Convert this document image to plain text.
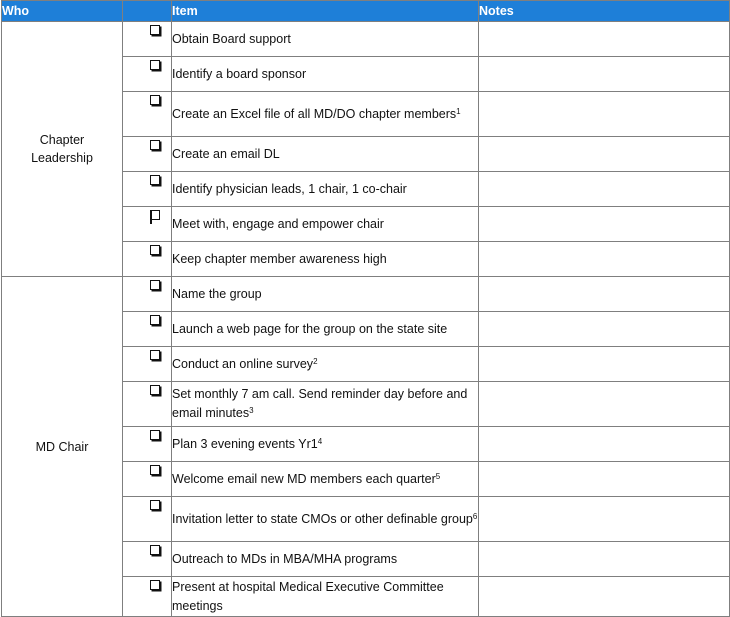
Who		Item	Notes

Chapter
Leadership		Obtain Board support	

		Identify a board sponsor	

		Create an Excel file of all MD/DO chapter members$^1$	

		Create an email DL	

		Identify physician leads, 1 chair, 1 co-chair	

		Meet with, engage and empower chair	

		Keep chapter member awareness high	

MD Chair		Name the group	

		Launch a web page for the group on the state site	

		Conduct an online survey$^2$	

		Set monthly 7 am call. Send reminder day before and email minutes$^3$	

		Plan 3 evening events $Yr1^4$	

		Welcome email new MD members each quarter$^5$	

		Invitation letter to state CMOs or other definable group$^6$	

		Outreach to MDs in MBA/MHA programs	

		Present at hospital Medical Executive Committee meetings	
